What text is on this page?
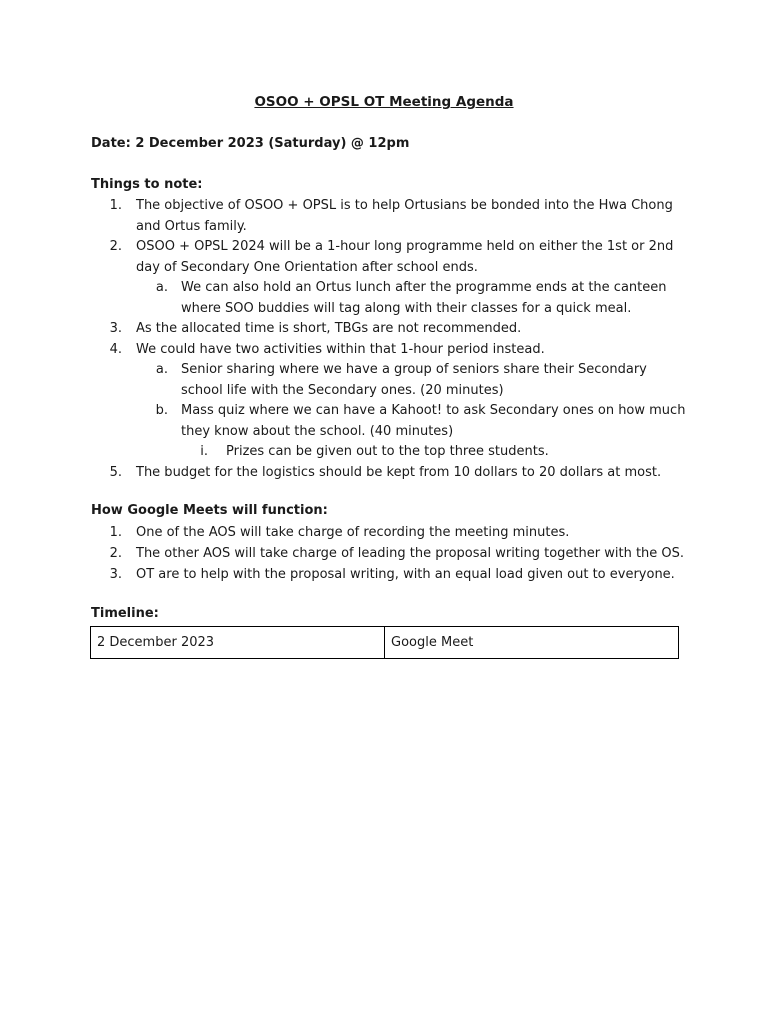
OSOO + OPSL OT Meeting Agenda
Date: 2 December 2023 (Saturday) @ 12pm
Things to note:
1. The objective of OSOO + OPSL is to help Ortusians be bonded into the Hwa Chong
and Ortus family.
2. OSOO + OPSL 2024 will be a 1-hour long programme held on either the 1st or 2nd
day of Secondary One Orientation after school ends.
a. We can also hold an Ortus lunch after the programme ends at the canteen
where SOO buddies will tag along with their classes for a quick meal.
3. As the allocated time is short, TBGs are not recommended.
4. We could have two activities within that 1-hour period instead.
a. Senior sharing where we have a group of seniors share their Secondary
school life with the Secondary ones. (20 minutes)
b. Mass quiz where we can have a Kahoot! to ask Secondary ones on how much
they know about the school. (40 minutes)
i. Prizes can be given out to the top three students.
5. The budget for the logistics should be kept from 10 dollars to 20 dollars at most.
How Google Meets will function:
1. One of the AOS will take charge of recording the meeting minutes.
2. The other AOS will take charge of leading the proposal writing together with the OS.
3. OT are to help with the proposal writing, with an equal load given out to everyone.
Timeline:
2 December 2023	Google Meet
